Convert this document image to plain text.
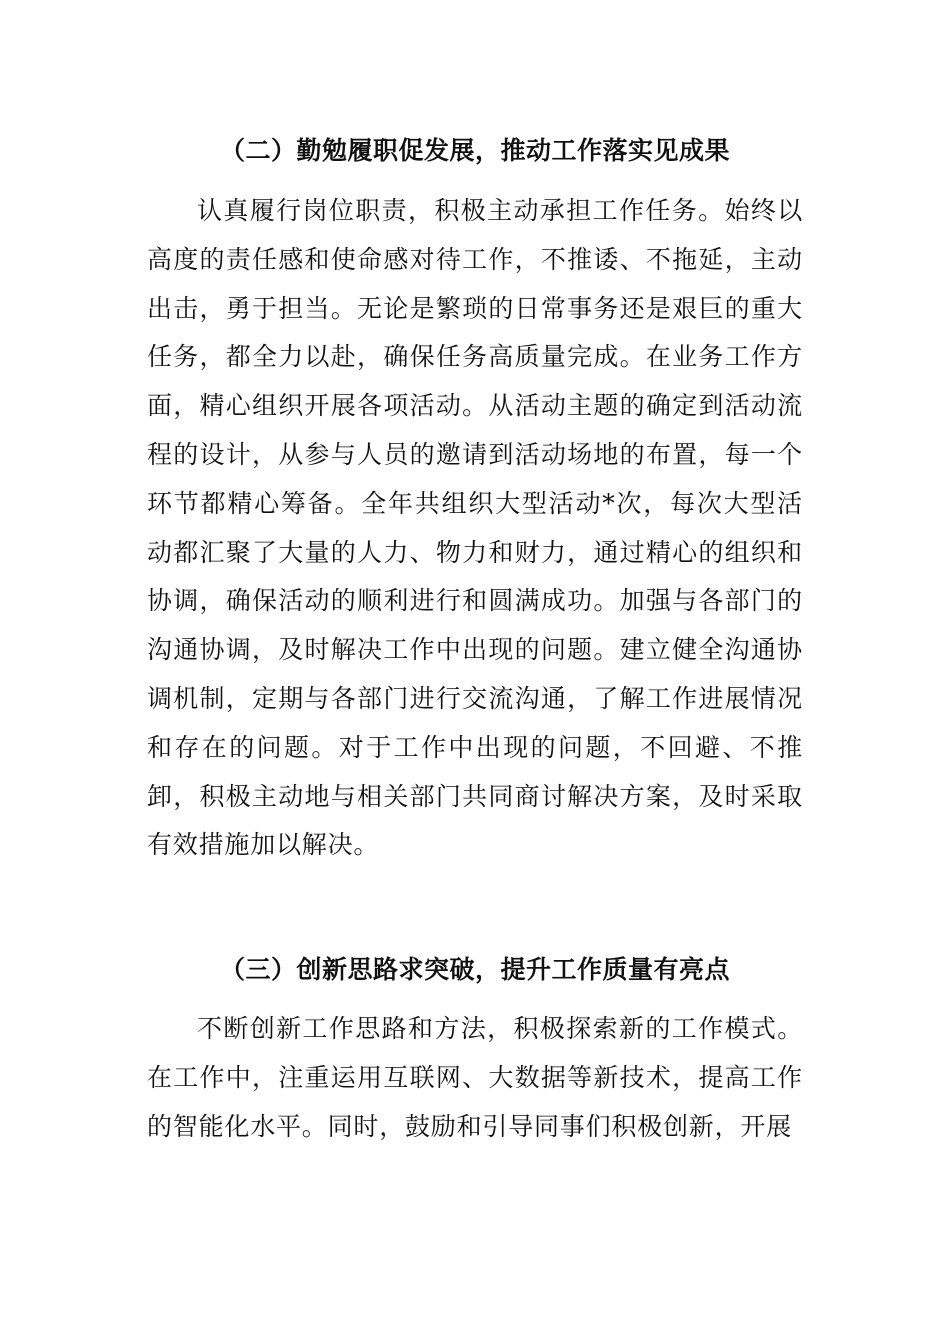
（二）勤勉履职促发展，推动工作落实见成果

认真履行岗位职责，积极主动承担工作任务。始终以高度的责任感和使命感对待工作，不推诿、不拖延，主动出击，勇于担当。无论是繁琐的日常事务还是艰巨的重大任务，都全力以赴，确保任务高质量完成。在业务工作方面，精心组织开展各项活动。从活动主题的确定到活动流程的设计，从参与人员的邀请到活动场地的布置，每一个环节都精心筹备。全年共组织大型活动*次，每次大型活动都汇聚了大量的人力、物力和财力，通过精心的组织和协调，确保活动的顺利进行和圆满成功。加强与各部门的沟通协调，及时解决工作中出现的问题。建立健全沟通协调机制，定期与各部门进行交流沟通，了解工作进展情况和存在的问题。对于工作中出现的问题，不回避、不推卸，积极主动地与相关部门共同商讨解决方案，及时采取有效措施加以解决。

（三）创新思路求突破，提升工作质量有亮点

不断创新工作思路和方法，积极探索新的工作模式。在工作中，注重运用互联网、大数据等新技术，提高工作的智能化水平。同时，鼓励和引导同事们积极创新，开展
